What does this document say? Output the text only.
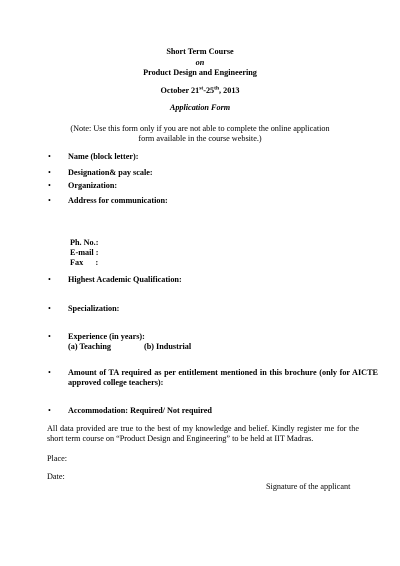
Short Term Course
on
Product Design and Engineering
October 21st-25th, 2013
Application Form
(Note: Use this form only if you are not able to complete the online application form available in the course website.)
•	Name (block letter):
•	Designation& pay scale:
•	Organization:
•	Address for communication:
Ph. No.:
E-mail :
Fax      :
•	Highest Academic Qualification:
•	Specialization:
•	Experience (in years):
(a) Teaching	(b) Industrial
•	Amount of TA required as per entitlement mentioned in this brochure (only for AICTE approved college teachers):
•	Accommodation: Required/ Not required
All data provided are true to the best of my knowledge and belief. Kindly register me for the short term course on “Product Design and Engineering” to be held at IIT Madras.
Place:
Date:
Signature of the applicant
